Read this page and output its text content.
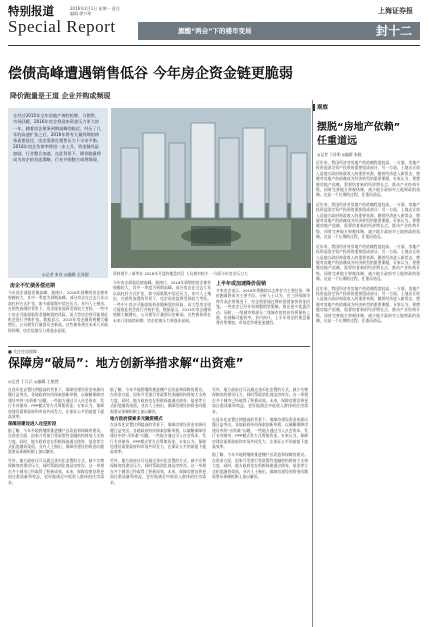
特别报道	2016年2月1日 星期一 责任编辑 徐兴伟
Special Report	旗醒“两会”下的楼市变局
上海证券报
封十二
偿债高峰遭遇销售低谷 今年房企资金链更脆弱
降价跑量是王道 企业并购或频现
在经过2015年全年房地产调控松绑，与销售、市场回暖，2016年房企将迎来资金压力更大的一年。随着房企债务到期高峰的临近，经历了几年的高速扩张之后，2016年将有大量到期的债务需要偿还，房企需要在销售压力下寻求平衡。2016年房企负债率将进一步上升，资金链风险加剧，行业整合加速。在此背景下，降价跑量将成为房企的首选策略，行业并购整合或将频现。
◎记者 张良 ◎编辑 全泽源	资料图片 / 新华社 2016年开盘的楼盘项目 人员相对较少 一方面今年房企压力大
房企不忙债务偿还期
今年房企面临偿债高峰。据统计，2016年到期的房企债券规模较大，其中一季度为到期高峰。部分房企在过去几年以高杠杆方式扩张，如今面临集中偿还压力。业内人士指出，在销售放缓的背景下，房企现金流将受到较大考验。一些中小房企可能面临资金链断裂的风险，而大型房企则可能借此机会进行并购扩张。数据显示，2015年房企融资规模大幅增长，公司债发行量创历史新高。这些债务将在未来几年陆续到期，房企偿债压力将逐步显现。
今年房企面临偿债高峰。据统计，2016年到期的房企债券规模较大，其中一季度为到期高峰。部分房企在过去几年以高杠杆方式扩张，如今面临集中偿还压力。业内人士指出，在销售放缓的背景下，房企现金流将受到较大考验。一些中小房企可能面临资金链断裂的风险，而大型房企则可能借此机会进行并购扩张。数据显示，2015年房企融资规模大幅增长，公司债发行量创历史新高。这些债务将在未来几年陆续到期，房企偿债压力将逐步显现。
上半年或加速降价促销
多家房企表示，2016年将继续以去库存为主要任务，降价跑量将成为主要手段。分析人士认为，在三四线城市库存高企的情况下，房企需要通过降价促销加快资金回笼。一些房企已经开始调整销售策略，推出更多优惠活动。同时，一线城市和部分二线城市的房价仍将保持上涨，但涨幅可能收窄。业内预计，上半年房企的推盘量将有所增加，市场竞争将更加激烈。
观察
摆脱“房地产依赖”
任重道远
◎记者 于祥明 ◎编辑 张晓
近年来，我国经济对房地产的依赖程度较高。一方面，房地产投资是固定资产投资的重要组成部分；另一方面，土地出让收入是地方政府财政收入的重要来源。随着经济进入新常态，摆脱对房地产的依赖成为经济转型的重要课题。专家认为，要摆脱房地产依赖，需要培育新的经济增长点，推动产业结构升级，同时完善地方财税体制，减少地方政府对土地财政的依赖。这是一个长期的过程，任重而道远。
近年来，我国经济对房地产的依赖程度较高。一方面，房地产投资是固定资产投资的重要组成部分；另一方面，土地出让收入是地方政府财政收入的重要来源。随着经济进入新常态，摆脱对房地产的依赖成为经济转型的重要课题。专家认为，要摆脱房地产依赖，需要培育新的经济增长点，推动产业结构升级，同时完善地方财税体制，减少地方政府对土地财政的依赖。这是一个长期的过程，任重而道远。
近年来，我国经济对房地产的依赖程度较高。一方面，房地产投资是固定资产投资的重要组成部分；另一方面，土地出让收入是地方政府财政收入的重要来源。随着经济进入新常态，摆脱对房地产的依赖成为经济转型的重要课题。专家认为，要摆脱房地产依赖，需要培育新的经济增长点，推动产业结构升级，同时完善地方财税体制，减少地方政府对土地财政的依赖。这是一个长期的过程，任重而道远。
近年来，我国经济对房地产的依赖程度较高。一方面，房地产投资是固定资产投资的重要组成部分；另一方面，土地出让收入是地方政府财政收入的重要来源。随着经济进入新常态，摆脱对房地产的依赖成为经济转型的重要课题。专家认为，要摆脱房地产依赖，需要培育新的经济增长点，推动产业结构升级，同时完善地方财税体制，减少地方政府对土地财政的依赖。这是一个长期的过程，任重而道远。
■ 关注住房保障
保障房“破局”：地方创新举措求解“出资难”
◎记者 于兵兵 ◎编辑 王皓然
在货币化安置比例提高的背景下，保障房建设资金来源问题日益突出。各地政府纷纷探索创新举措，以破解保障房建设中的“出资难”问题。一些地方通过引入社会资本、发行专项债券、PPP模式等方式筹集资金。专家认为，保障房建设需要政府和市场共同发力，在保证公平的前提下提高效率。
保障房建设进入攻坚阶段
据了解，今年多地将继续推进棚户区改造和保障房建设。在资金方面，国家开发银行等政策性金融机构将加大支持力度。同时，地方政府也在积极探索通过债券、基金等方式拓宽融资渠道。业内人士指出，保障房建设的资金问题需要从体制机制上加以解决。
另外，地方政府还可以通过货币化安置的方式，减少实物保障房的建设压力，同时帮助消化商品房库存。这一举措在多个城市已经取得了积极成效。未来，保障房建设将更加注重质量和效益，更好地满足中低收入群体的住房需求。
据了解，今年多地将继续推进棚户区改造和保障房建设。在资金方面，国家开发银行等政策性金融机构将加大支持力度。同时，地方政府也在积极探索通过债券、基金等方式拓宽融资渠道。业内人士指出，保障房建设的资金问题需要从体制机制上加以解决。
地方政府探索多元融资模式
在货币化安置比例提高的背景下，保障房建设资金来源问题日益突出。各地政府纷纷探索创新举措，以破解保障房建设中的“出资难”问题。一些地方通过引入社会资本、发行专项债券、PPP模式等方式筹集资金。专家认为，保障房建设需要政府和市场共同发力，在保证公平的前提下提高效率。
另外，地方政府还可以通过货币化安置的方式，减少实物保障房的建设压力，同时帮助消化商品房库存。这一举措在多个城市已经取得了积极成效。未来，保障房建设将更加注重质量和效益，更好地满足中低收入群体的住房需求。
另外，地方政府还可以通过货币化安置的方式，减少实物保障房的建设压力，同时帮助消化商品房库存。这一举措在多个城市已经取得了积极成效。未来，保障房建设将更加注重质量和效益，更好地满足中低收入群体的住房需求。
在货币化安置比例提高的背景下，保障房建设资金来源问题日益突出。各地政府纷纷探索创新举措，以破解保障房建设中的“出资难”问题。一些地方通过引入社会资本、发行专项债券、PPP模式等方式筹集资金。专家认为，保障房建设需要政府和市场共同发力，在保证公平的前提下提高效率。
据了解，今年多地将继续推进棚户区改造和保障房建设。在资金方面，国家开发银行等政策性金融机构将加大支持力度。同时，地方政府也在积极探索通过债券、基金等方式拓宽融资渠道。业内人士指出，保障房建设的资金问题需要从体制机制上加以解决。
